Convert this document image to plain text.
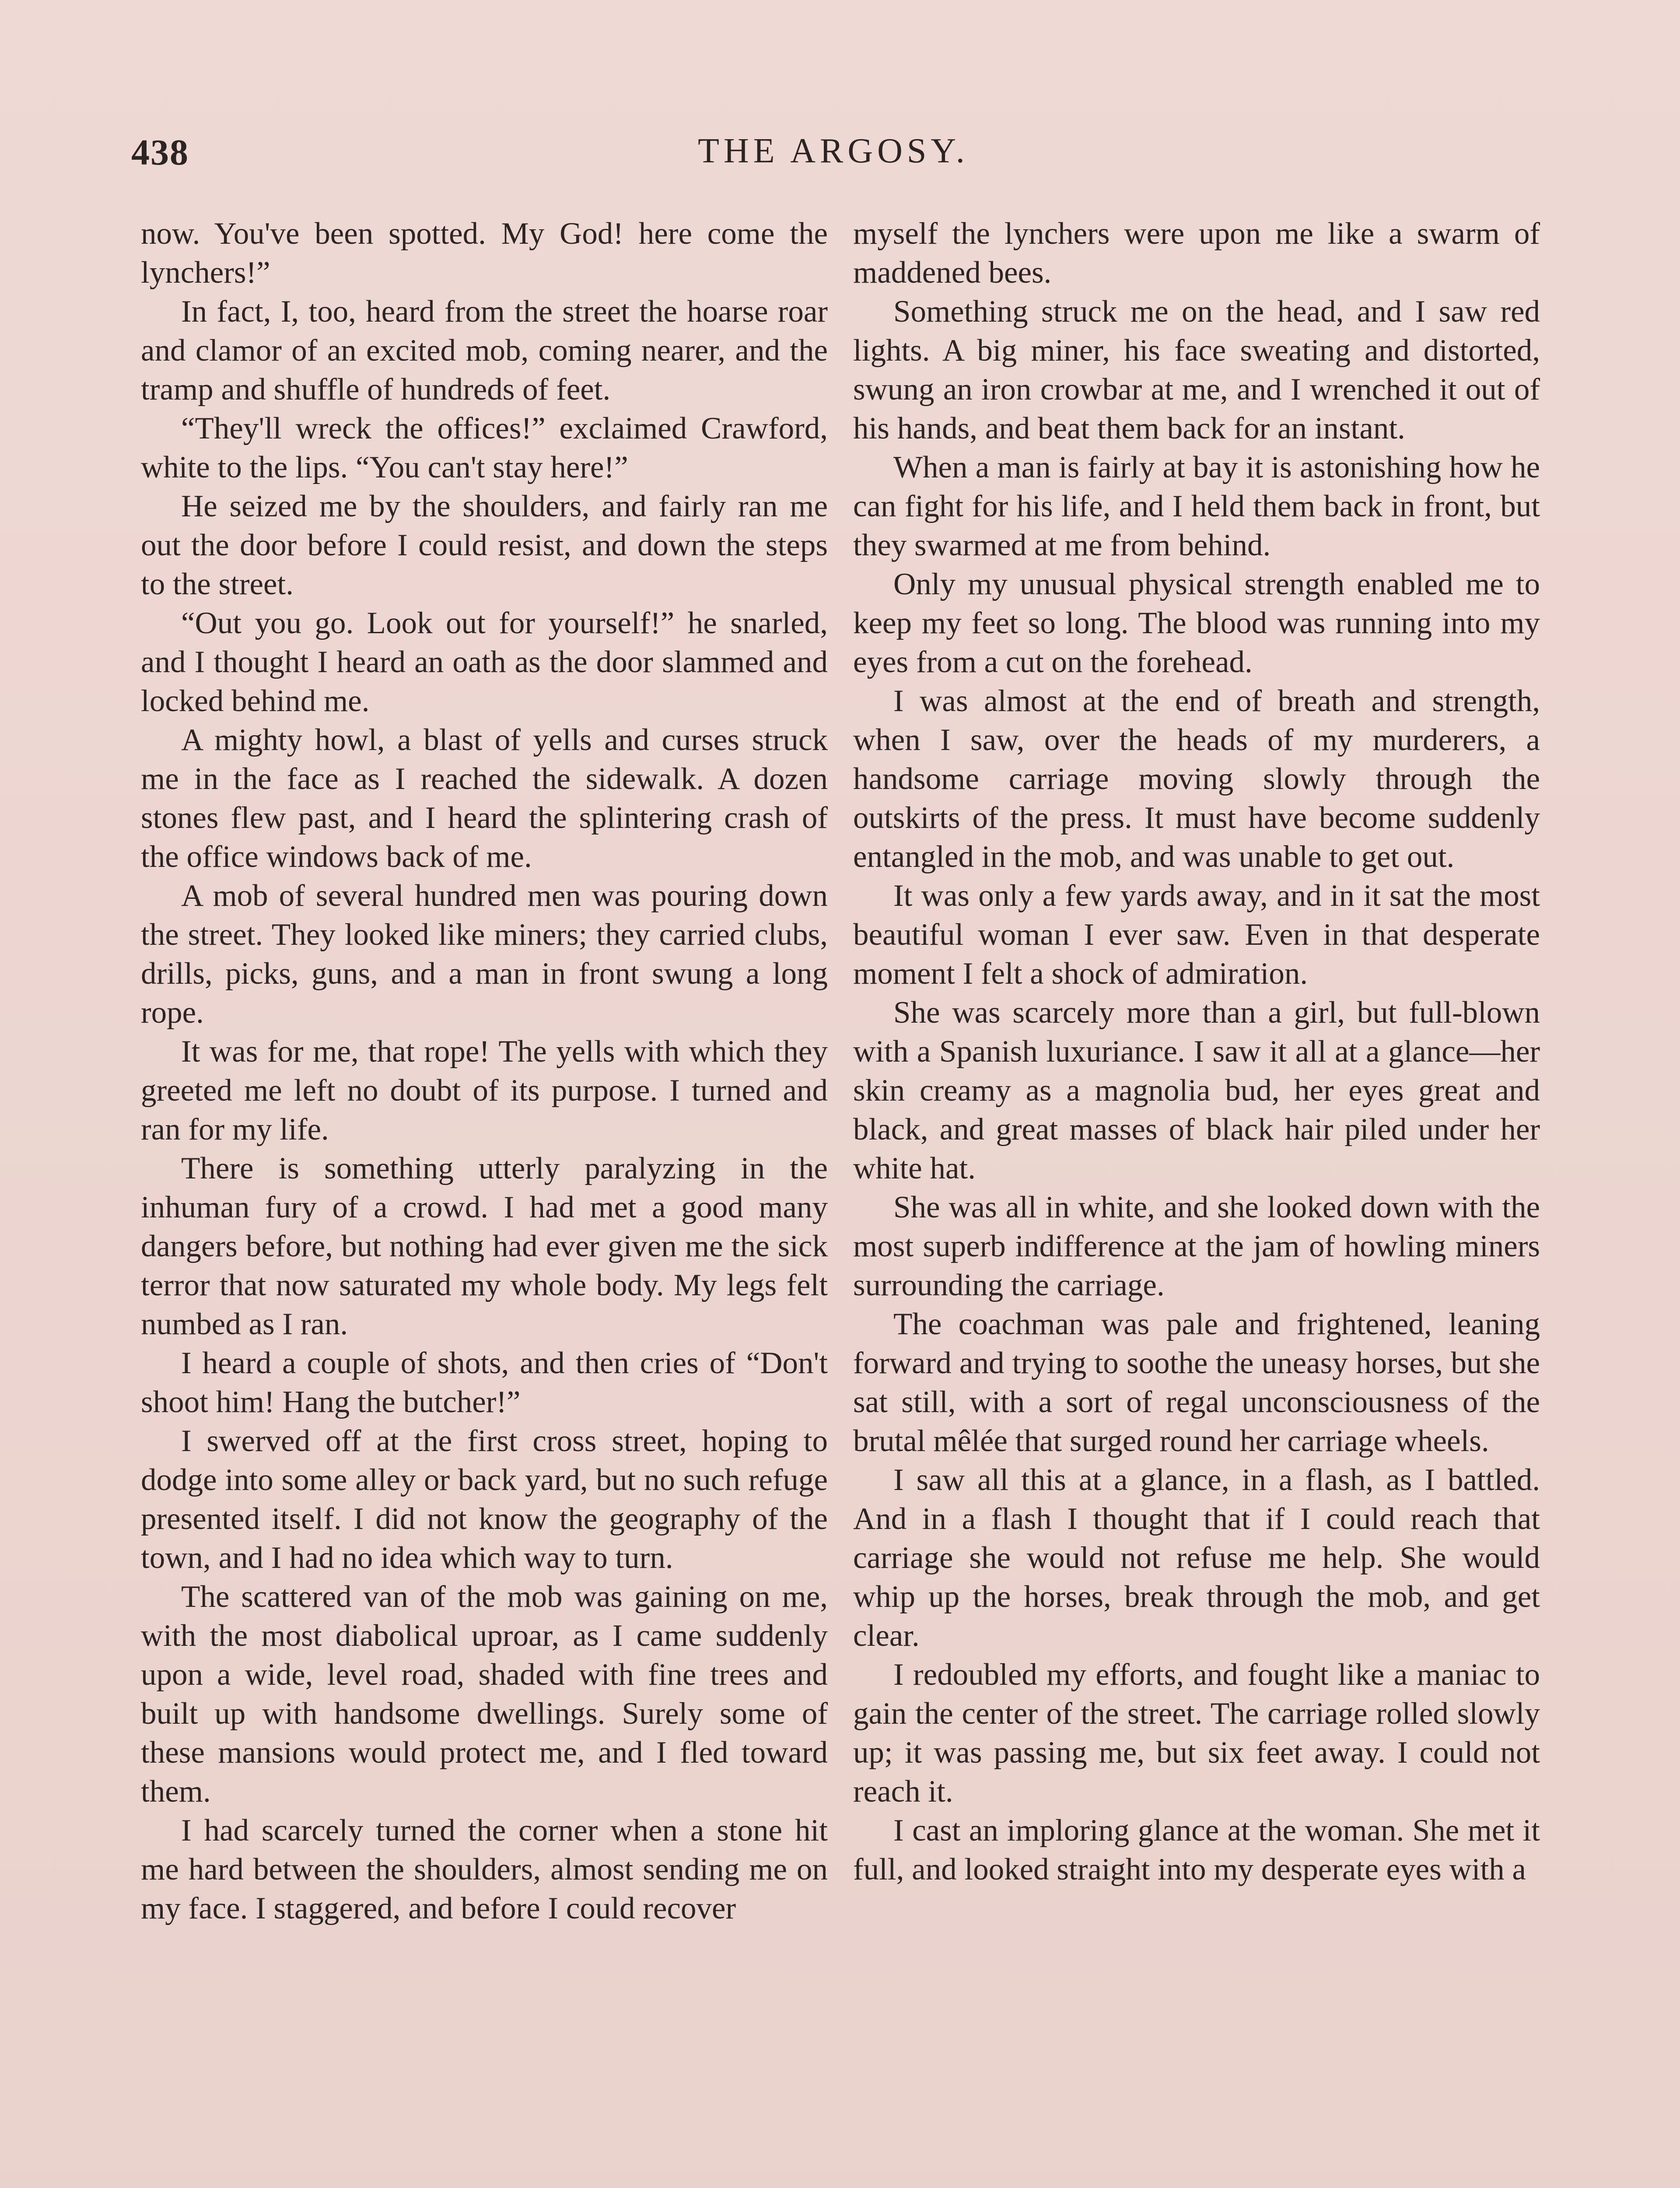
438	THE ARGOSY.

now. You've been spotted. My God! here come the lynchers!”

In fact, I, too, heard from the street the hoarse roar and clamor of an excited mob, coming nearer, and the tramp and shuffle of hundreds of feet.

“They'll wreck the offices!” exclaimed Crawford, white to the lips. “You can't stay here!”

He seized me by the shoulders, and fairly ran me out the door before I could resist, and down the steps to the street.

“Out you go. Look out for yourself!” he snarled, and I thought I heard an oath as the door slammed and locked behind me.

A mighty howl, a blast of yells and curses struck me in the face as I reached the sidewalk. A dozen stones flew past, and I heard the splintering crash of the office windows back of me.

A mob of several hundred men was pouring down the street. They looked like miners; they carried clubs, drills, picks, guns, and a man in front swung a long rope.

It was for me, that rope! The yells with which they greeted me left no doubt of its purpose. I turned and ran for my life.

There is something utterly paralyzing in the inhuman fury of a crowd. I had met a good many dangers before, but nothing had ever given me the sick terror that now saturated my whole body. My legs felt numbed as I ran.

I heard a couple of shots, and then cries of “Don't shoot him! Hang the butcher!”

I swerved off at the first cross street, hoping to dodge into some alley or back yard, but no such refuge presented itself. I did not know the geography of the town, and I had no idea which way to turn.

The scattered van of the mob was gaining on me, with the most diabolical uproar, as I came suddenly upon a wide, level road, shaded with fine trees and built up with handsome dwellings. Surely some of these mansions would protect me, and I fled toward them.

I had scarcely turned the corner when a stone hit me hard between the shoulders, almost sending me on my face. I staggered, and before I could recover

myself the lynchers were upon me like a swarm of maddened bees.

Something struck me on the head, and I saw red lights. A big miner, his face sweating and distorted, swung an iron crowbar at me, and I wrenched it out of his hands, and beat them back for an instant.

When a man is fairly at bay it is astonishing how he can fight for his life, and I held them back in front, but they swarmed at me from behind.

Only my unusual physical strength enabled me to keep my feet so long. The blood was running into my eyes from a cut on the forehead.

I was almost at the end of breath and strength, when I saw, over the heads of my murderers, a handsome carriage moving slowly through the outskirts of the press. It must have become suddenly entangled in the mob, and was unable to get out.

It was only a few yards away, and in it sat the most beautiful woman I ever saw. Even in that desperate moment I felt a shock of admiration.

She was scarcely more than a girl, but full-blown with a Spanish luxuriance. I saw it all at a glance—her skin creamy as a magnolia bud, her eyes great and black, and great masses of black hair piled under her white hat.

She was all in white, and she looked down with the most superb indifference at the jam of howling miners surrounding the carriage.

The coachman was pale and frightened, leaning forward and trying to soothe the uneasy horses, but she sat still, with a sort of regal unconsciousness of the brutal mêlée that surged round her carriage wheels.

I saw all this at a glance, in a flash, as I battled. And in a flash I thought that if I could reach that carriage she would not refuse me help. She would whip up the horses, break through the mob, and get clear.

I redoubled my efforts, and fought like a maniac to gain the center of the street. The carriage rolled slowly up; it was passing me, but six feet away. I could not reach it.

I cast an imploring glance at the woman. She met it full, and looked straight into my desperate eyes with a
